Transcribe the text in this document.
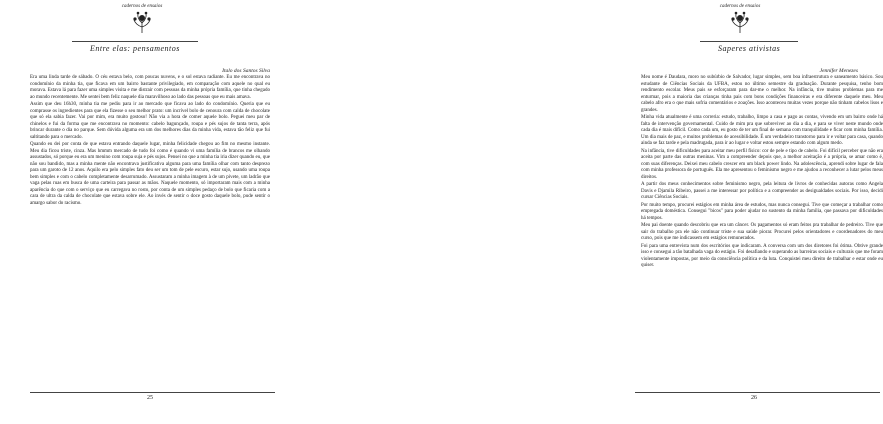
cadernos de ensaios
Entre elas: pensamentos
Italo dos Santos Silva

Era uma linda tarde de sábado. O céu estava belo, com poucas nuvens, e o sol estava radiante. Eu me encontrava no condomínio da minha tia, que ficava em um bairro bastante privilegiado, em comparação com aquele no qual eu morava. Estava lá para fazer uma simples visita e me distrair com pessoas da minha própria família, que tinha chegado ao mundo recentemente. Me sentei bem feliz naquele dia maravilhoso ao lado das pessoas que eu mais amava.

Assim que deu 16h30, minha tia me pediu para ir ao mercado que ficava ao lado do condomínio. Queria que eu comprasse os ingredientes para que ela fizesse o seu melhor prato: um incrível bolo de cenoura com calda de chocolate que só ela sabia fazer. Vai por mim, era muito gostoso! Não via a hora de comer aquele bolo. Peguei meu par de chinelos e fui da forma que me encontrava no momento: cabelo bagunçado, roupa e pés sujos de tanta terra, após brincar durante o dia no parque. Sem dúvida alguma era um dos melhores dias da minha vida, estava tão feliz que fui saltitando para o mercado.

Quando eu dei por conta de que estava entrando daquele lugar, minha felicidade chegou ao fim no mesmo instante. Meu dia ficou triste, cinza. Mas hmmm mercado de tudo foi como é quando vi uma família de brancos me olhando assustados, só porque eu era um menino com roupa suja e pés sujos. Pensei no que a minha tia iria dizer quando eu, que não sou bandido, mas a minha mente não encontrava justificativa alguma para uma família olhar com tanto desprezo para um garoto de 12 anos. Aquilo era pelo simples fato deu ser um tom de pele escuro, estar sujo, usando uma roupa bem simples e com o cabelo completamente desarrumado. Assustaram a minha imagem à de um pivete, um ladrão que vaga pelas ruas em busca de uma carteira para passar as mãos. Naquele momento, só importaram mais com a minha aparência do que com o serviço que eu carregava no rosto, por conta de um simples pedaço de bolo que ficaria com a cara de ultra da calda de chocolate que estava sobre ele. Ao invés de sentir o doce gosto daquele bolo, pude sentir o amargo sabor do racismo.

25
cadernos de ensaios
Saperes ativistas
Jennifer Menezes

Meu nome é Daudara, moro no subúrbio de Salvador, lugar simples, sem boa infraestrutura e saneamento básico. Sou estudante de Ciências Sociais da UFBA, estou no último semestre da graduação. Durante pesquisa, tenho bom rendimento escolar. Meus pais se esforçaram para dar-me o melhor. Na infância, tive muitos problemas para me enturmar, pois a maioria das crianças tinha pais com bons condições financeiras e era diferente daquele meu. Meu cabelo afro era o que mais sofria comentários e zoações. Isso aconteceu muitas vezes porque não tinham cabelos lisos e grandes.

Minha vida atualmente é uma correria: estudo, trabalho, limpo a casa e pago as contas, vivendo em um bairro onde há falta de intervenção governamental. Cuido de mim pra que sobreviver ao dia a dia, e para se viver neste mundo onde cada dia é mais difícil. Como cada um, eu gosto de ter um final de semana com tranquilidade e ficar com minha família. Um dia mais de paz, e muitos problemas de acessibilidade. É um verdadeiro transtorno para ir e voltar para casa, quando ainda se faz tarde e pela madrugada, para ir ao lugar e voltar estou sempre estando com algum medo.

Na infância, tive dificuldades para aceitar meu perfil físico: cor de pele e tipo de cabelo. Foi difícil perceber que não era aceita por parte das outras meninas. Vim a compreender depois que, a melhor aceitação é a própria, se amar como é, com suas diferenças. Deixei meu cabelo crescer em um black power lindo. Na adolescência, aprendi sobre lugar de fala com minha professora de português. Ela me apresentou o feminismo negro e me ajudou a reconhecer a lutar pelos meus direitos.

A partir dos meus conhecimentos sobre feminismo negro, pela leitura de livros de conhecidas autoras como Angela Davis e Djamila Ribeiro, passei a me interessar por política e a compreender as desigualdades sociais. Por isso, decidi cursar Ciências Sociais.

Por muito tempo, procurei estágios em minha área de estudos, mas nunca consegui. Tive que começar a trabalhar como empregada doméstica. Consegui "bicos" para poder ajudar no sustento da minha família, que passava por dificuldades há tempos.

Meu pai doente quando descobriu que era um câncer. Os pagamentos só eram feitos pra trabalhar de pedreiro. Tive que sair do trabalho pra ele não continuar triste e sua saúde piorar. Procurei pelos orientadores e coordenadores do meu curso, pois que me indicassem em estágios remunerados.

Foi para uma entrevista num dos escritórios que indicaram. A conversa com um dos diretores foi ótima. Obtive grande isso e consegui a tão batalhada vaga do estágio. Foi desafiando e superando as barreiras sociais e culturais que me foram violentamente impostas, por meio da consciência política e da luta. Conquistei meu direito de trabalhar e estar onde eu quiser.

26
